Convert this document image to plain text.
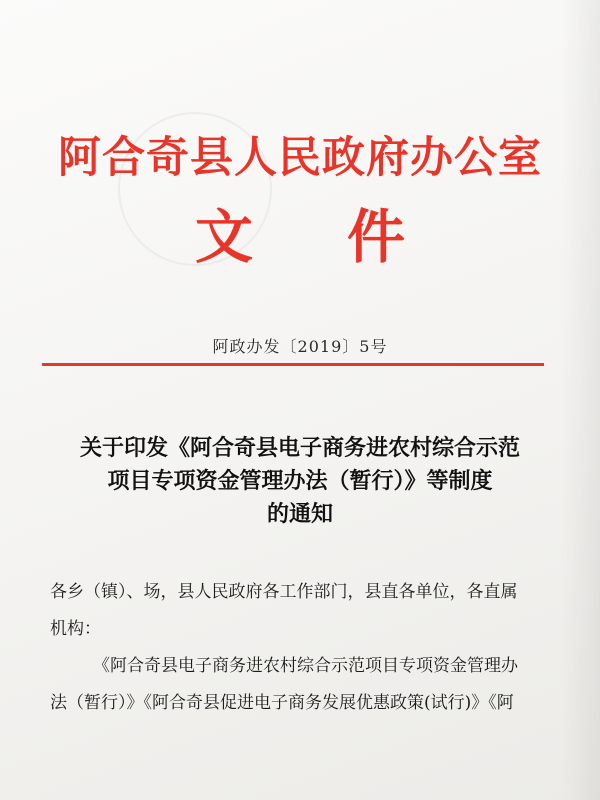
阿合奇县人民政府办公室
文 件
阿政办发〔2019〕5号
关于印发《阿合奇县电子商务进农村综合示范
项目专项资金管理办法（暂行）》等制度
的通知
各乡（镇）、场，县人民政府各工作部门，县直各单位，各直属
机构：
《阿合奇县电子商务进农村综合示范项目专项资金管理办
法（暂行）》《阿合奇县促进电子商务发展优惠政策(试行)》《阿
